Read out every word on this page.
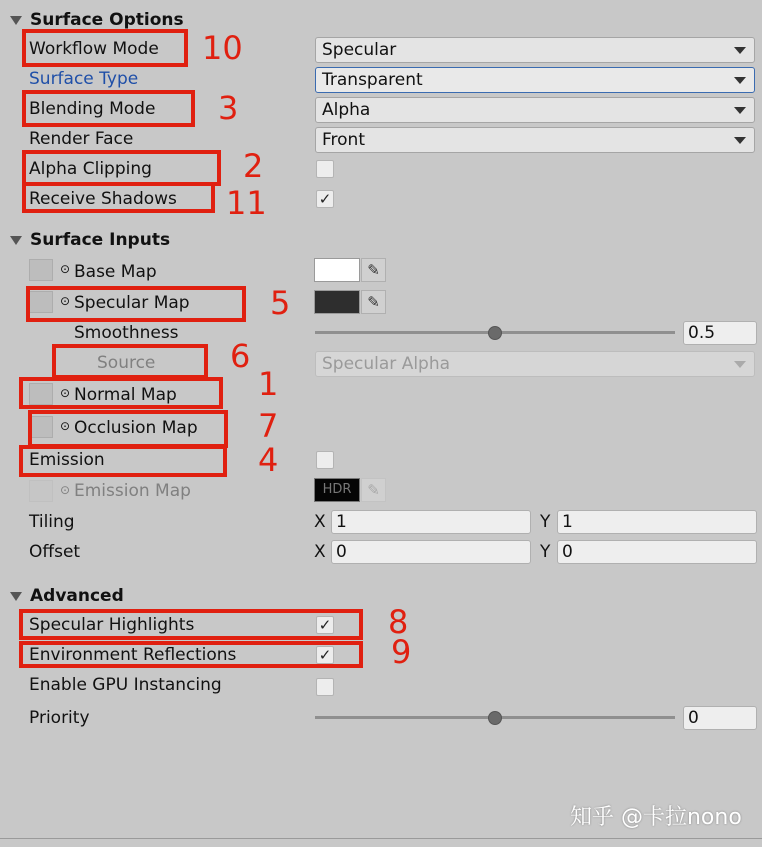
Surface Options
Workflow Mode	Specular
Surface Type	Transparent
Blending Mode	Alpha
Render Face	Front
Alpha Clipping
Receive Shadows	✓
Surface Inputs
⊙ Base Map	✎
⊙ Specular Map	✎
Smoothness	0.5
Source	Specular Alpha
⊙ Normal Map
⊙ Occlusion Map
Emission
⊙ Emission Map	HDR	✎
Tiling	X 1	Y 1
Offset	X 0	Y 0
Advanced
Specular Highlights	✓
Environment Reflections	✓
Enable GPU Instancing
Priority	0
10
3
2
11
5
6
1
7
4
8
9
知乎 @卡拉nono
